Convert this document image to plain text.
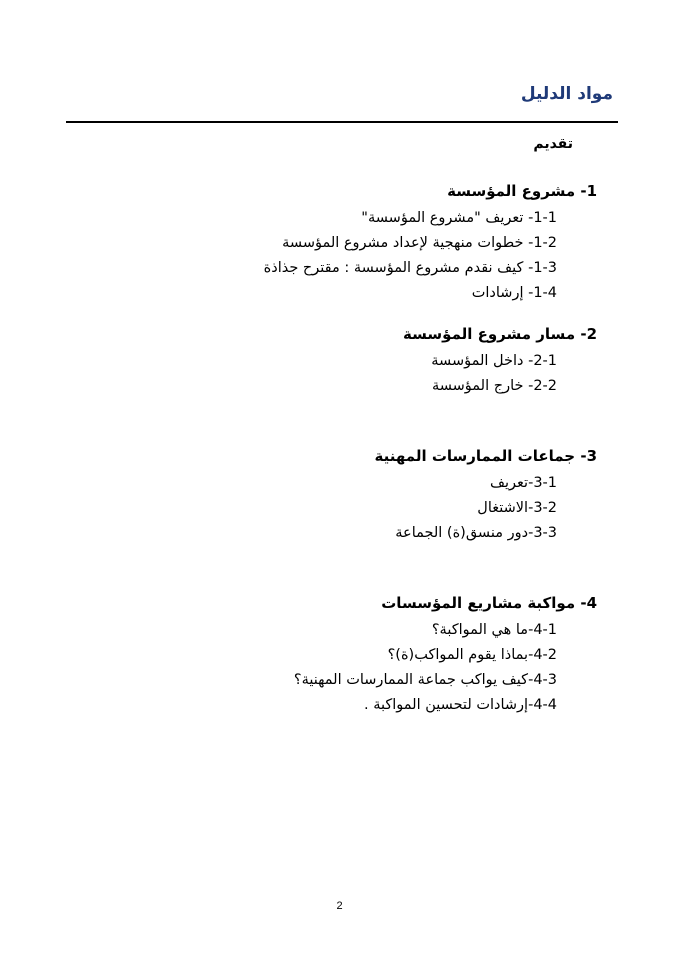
مواد الدليل
تقديم
1- مشروع المؤسسة
1-1- تعريف "مشروع المؤسسة"
1-2- خطوات منهجية لإعداد مشروع المؤسسة
1-3- كيف نقدم مشروع المؤسسة : مقترح جذاذة
1-4- إرشادات
2- مسار مشروع المؤسسة
2-1- داخل المؤسسة
2-2- خارج المؤسسة
3- جماعات الممارسات المهنية
3-1-تعريف
3-2-الاشتغال
3-3-دور منسق(ة) الجماعة
4- مواكبة مشاريع المؤسسات
4-1-ما هي المواكبة؟
4-2-بماذا يقوم المواكب(ة)؟
4-3-كيف يواكب جماعة الممارسات المهنية؟
4-4-إرشادات لتحسين المواكبة .
2
